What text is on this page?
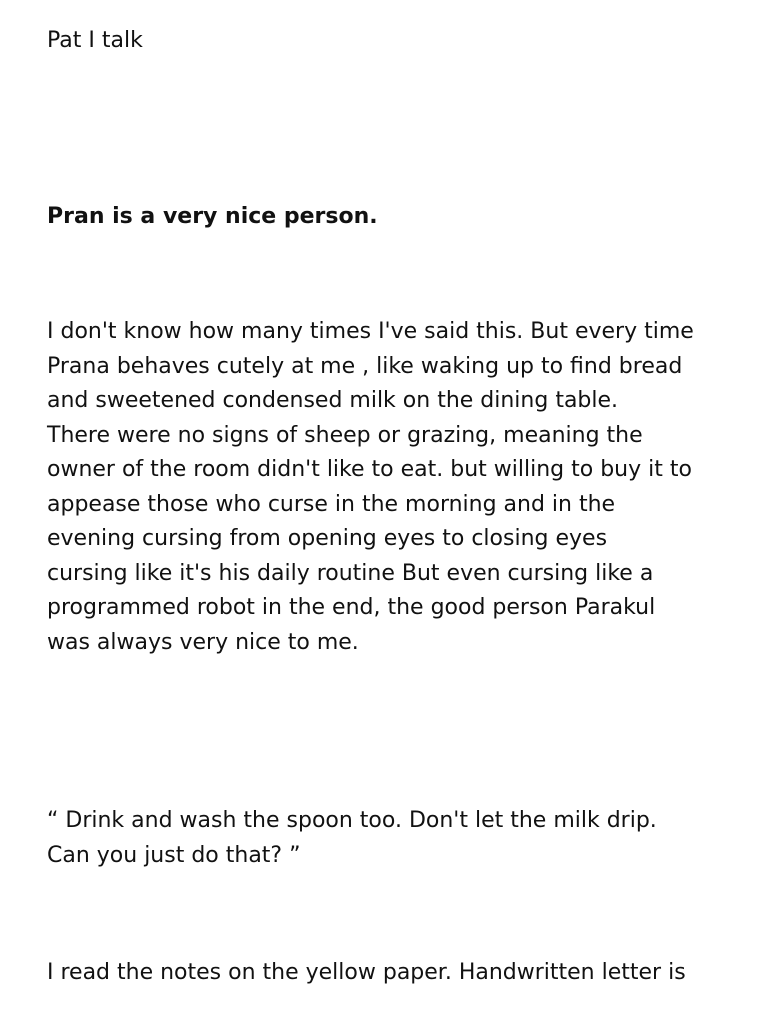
Pat I talk
Pran is a very nice person.

I don't know how many times I've said this. But every time

Prana behaves cutely at me , like waking up to find bread

and sweetened condensed milk on the dining table.

There were no signs of sheep or grazing, meaning the

owner of the room didn't like to eat. but willing to buy it to

appease those who curse in the morning and in the

evening cursing from opening eyes to closing eyes

cursing like it's his daily routine But even cursing like a

programmed robot in the end, the good person Parakul

was always very nice to me.

“ Drink and wash the spoon too. Don't let the milk drip.

Can you just do that? ”

I read the notes on the yellow paper. Handwritten letter is
